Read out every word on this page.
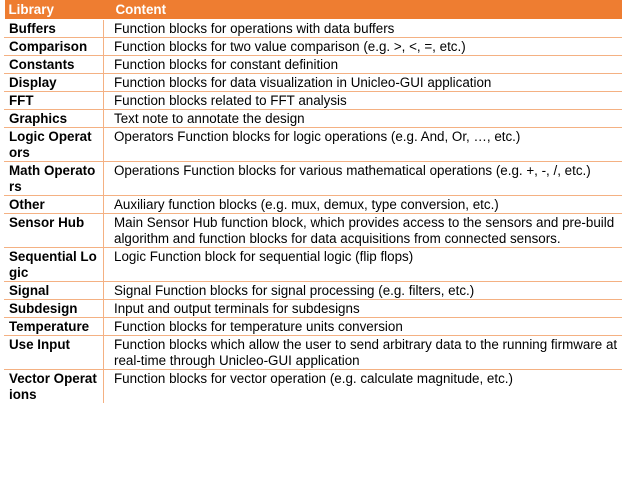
Library	Content
Buffers	Function blocks for operations with data buffers
Comparison	Function blocks for two value comparison (e.g. >, <, =, etc.)
Constants	Function blocks for constant definition
Display	Function blocks for data visualization in Unicleo-GUI application
FFT	Function blocks related to FFT analysis
Graphics	Text note to annotate the design
Logic Operators	Operators Function blocks for logic operations (e.g. And, Or, …, etc.)
Math Operators	Operations Function blocks for various mathematical operations (e.g. +, -, /, etc.)
Other	Auxiliary function blocks (e.g. mux, demux, type conversion, etc.)
Sensor Hub	Main Sensor Hub function block, which provides access to the sensors and pre-build algorithm and function blocks for data acquisitions from connected sensors.
Sequential Logic	Logic Function block for sequential logic (flip flops)
Signal	Signal Function blocks for signal processing (e.g. filters, etc.)
Subdesign	Input and output terminals for subdesigns
Temperature	Function blocks for temperature units conversion
Use Input	Function blocks which allow the user to send arbitrary data to the running firmware at real-time through Unicleo-GUI application
Vector Operations	Function blocks for vector operation (e.g. calculate magnitude, etc.)
